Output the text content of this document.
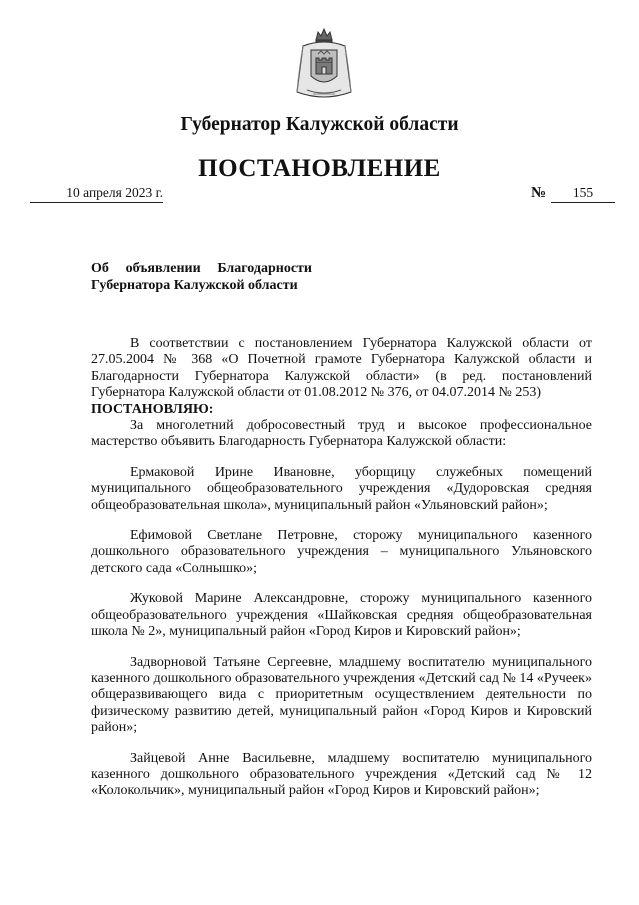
Губернатор Калужской области
ПОСТАНОВЛЕНИЕ
10 апреля 2023 г.	№	155
Об объявлении Благодарности
Губернатора Калужской области

В соответствии с постановлением Губернатора Калужской области от 27.05.2004 № 368 «О Почетной грамоте Губернатора Калужской области и Благодарности Губернатора Калужской области» (в ред. постановлений Губернатора Калужской области от 01.08.2012 № 376, от 04.07.2014 № 253)

ПОСТАНОВЛЯЮ:

За многолетний добросовестный труд и высокое профессиональное мастерство объявить Благодарность Губернатора Калужской области:

Ермаковой Ирине Ивановне, уборщицу служебных помещений муниципального общеобразовательного учреждения «Дудоровская средняя общеобразовательная школа», муниципальный район «Ульяновский район»;

Ефимовой Светлане Петровне, сторожу муниципального казенного дошкольного образовательного учреждения – муниципального Ульяновского детского сада «Солнышко»;

Жуковой Марине Александровне, сторожу муниципального казенного общеобразовательного учреждения «Шайковская средняя общеобразовательная школа № 2», муниципальный район «Город Киров и Кировский район»;

Задворновой Татьяне Сергеевне, младшему воспитателю муниципального казенного дошкольного образовательного учреждения «Детский сад № 14 «Ручеек» общеразвивающего вида с приоритетным осуществлением деятельности по физическому развитию детей, муниципальный район «Город Киров и Кировский район»;

Зайцевой Анне Васильевне, младшему воспитателю муниципального казенного дошкольного образовательного учреждения «Детский сад № 12 «Колокольчик», муниципальный район «Город Киров и Кировский район»;
